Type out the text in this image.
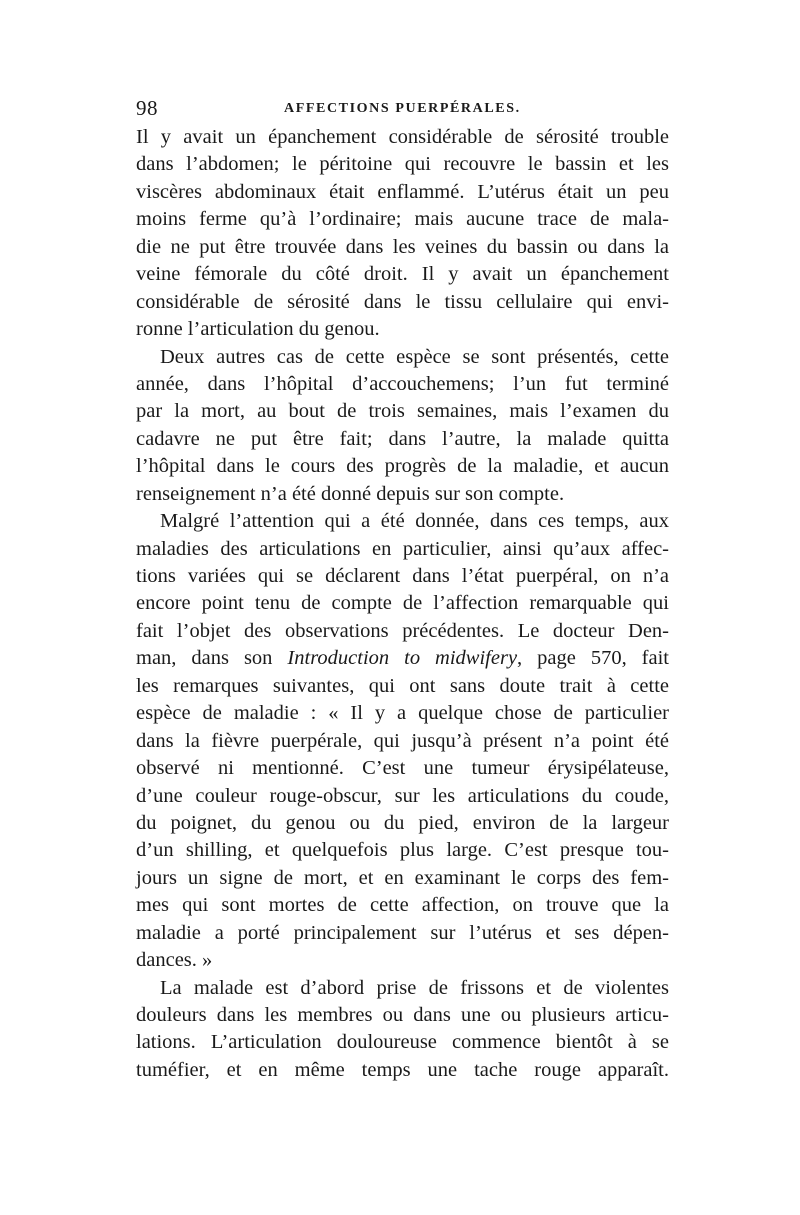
98	AFFECTIONS PUERPÉRALES.
Il y avait un épanchement considérable de sérosité trouble
dans l’abdomen; le péritoine qui recouvre le bassin et les
viscères abdominaux était enflammé. L’utérus était un peu
moins ferme qu’à l’ordinaire; mais aucune trace de mala-
die ne put être trouvée dans les veines du bassin ou dans la
veine fémorale du côté droit. Il y avait un épanchement
considérable de sérosité dans le tissu cellulaire qui envi-
ronne l’articulation du genou.
Deux autres cas de cette espèce se sont présentés, cette
année, dans l’hôpital d’accouchemens; l’un fut terminé
par la mort, au bout de trois semaines, mais l’examen du
cadavre ne put être fait; dans l’autre, la malade quitta
l’hôpital dans le cours des progrès de la maladie, et aucun
renseignement n’a été donné depuis sur son compte.
Malgré l’attention qui a été donnée, dans ces temps, aux
maladies des articulations en particulier, ainsi qu’aux affec-
tions variées qui se déclarent dans l’état puerpéral, on n’a
encore point tenu de compte de l’affection remarquable qui
fait l’objet des observations précédentes. Le docteur Den-
man, dans son Introduction to midwifery, page 570, fait
les remarques suivantes, qui ont sans doute trait à cette
espèce de maladie : « Il y a quelque chose de particulier
dans la fièvre puerpérale, qui jusqu’à présent n’a point été
observé ni mentionné. C’est une tumeur érysipélateuse,
d’une couleur rouge-obscur, sur les articulations du coude,
du poignet, du genou ou du pied, environ de la largeur
d’un shilling, et quelquefois plus large. C’est presque tou-
jours un signe de mort, et en examinant le corps des fem-
mes qui sont mortes de cette affection, on trouve que la
maladie a porté principalement sur l’utérus et ses dépen-
dances. »
La malade est d’abord prise de frissons et de violentes
douleurs dans les membres ou dans une ou plusieurs articu-
lations. L’articulation douloureuse commence bientôt à se
tuméfier, et en même temps une tache rouge apparaît.
